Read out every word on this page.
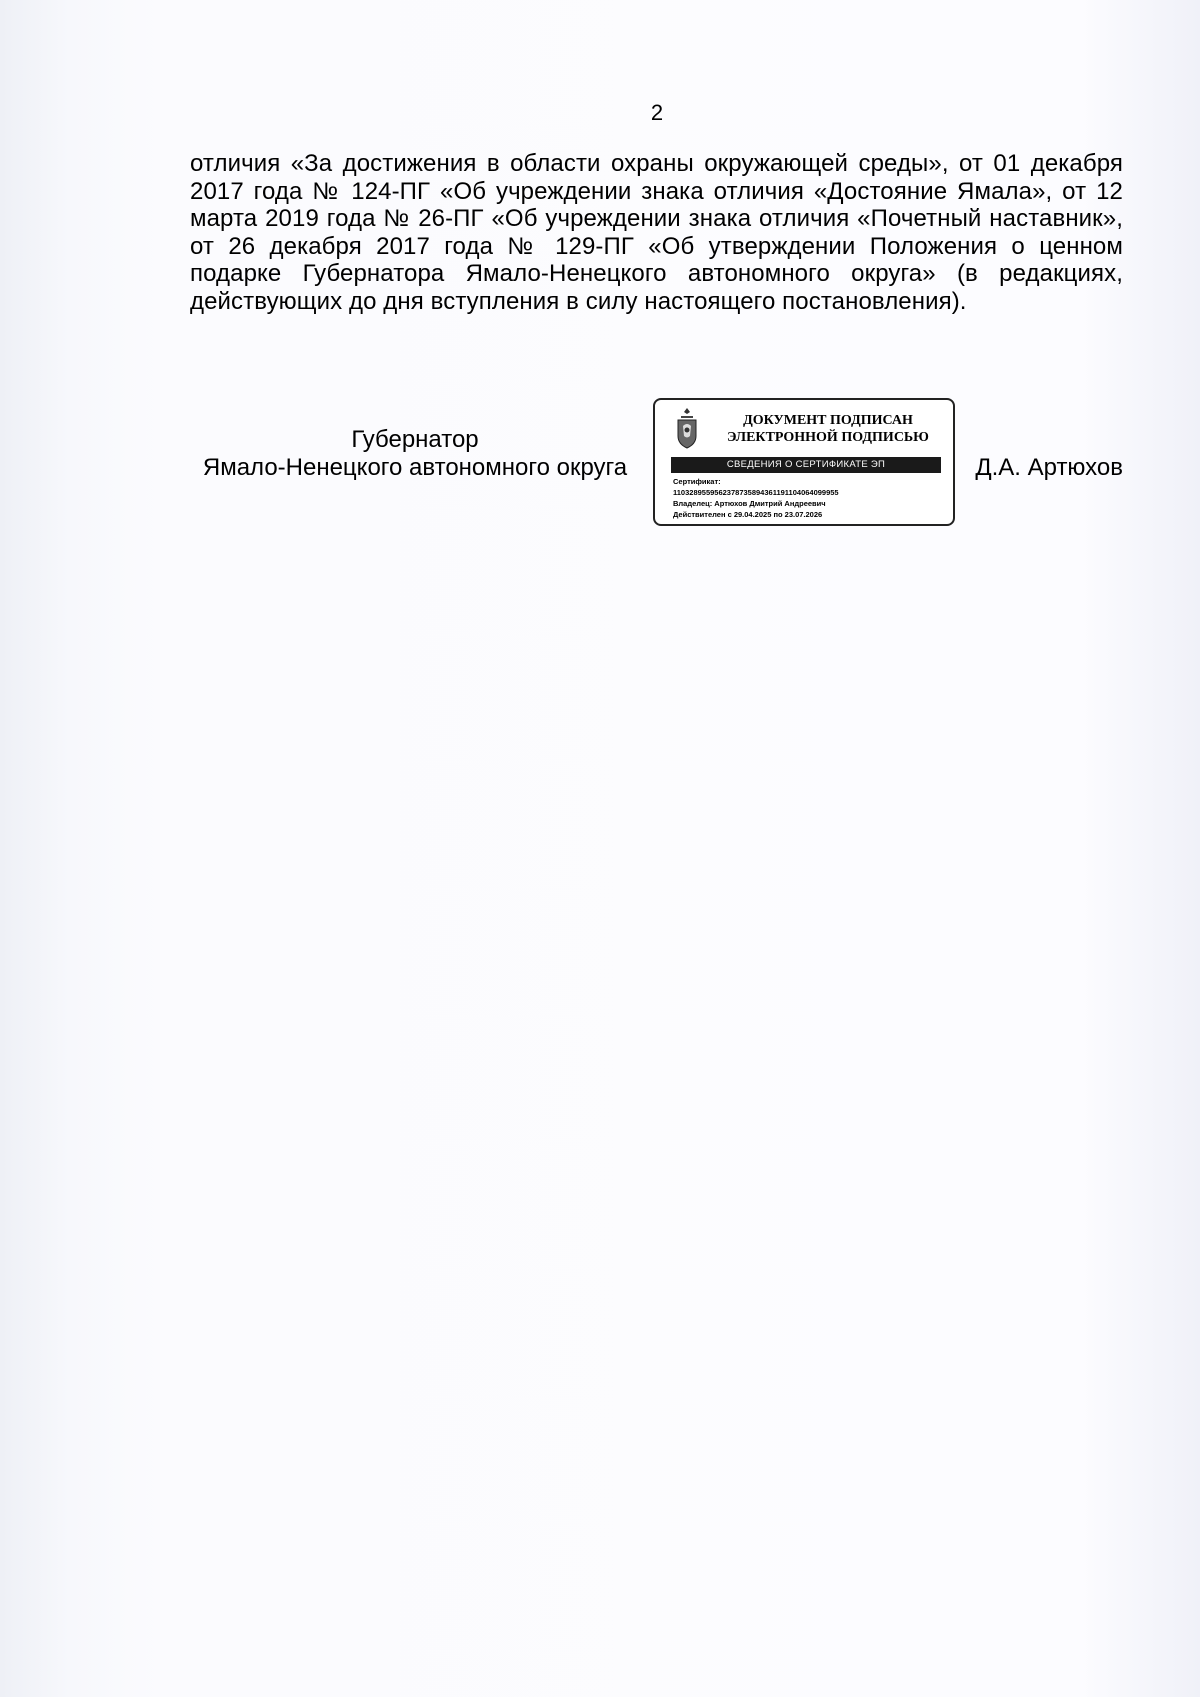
2
отличия «За достижения в области охраны окружающей среды», от 01 декабря 2017 года № 124-ПГ «Об учреждении знака отличия «Достояние Ямала», от 12 марта 2019 года № 26-ПГ «Об учреждении знака отличия «Почетный наставник», от 26 декабря 2017 года № 129-ПГ «Об утверждении Положения о ценном подарке Губернатора Ямало-Ненецкого автономного округа» (в редакциях, действующих до дня вступления в силу настоящего постановления).
Губернатор
Ямало-Ненецкого автономного округа
ДОКУМЕНТ ПОДПИСАН
ЭЛЕКТРОННОЙ ПОДПИСЬЮ
СВЕДЕНИЯ О СЕРТИФИКАТЕ ЭП
Сертификат:
1103289559562378735894361191104064099955
Владелец: Артюхов Дмитрий Андреевич
Действителен с 29.04.2025 по 23.07.2026
Д.А. Артюхов
